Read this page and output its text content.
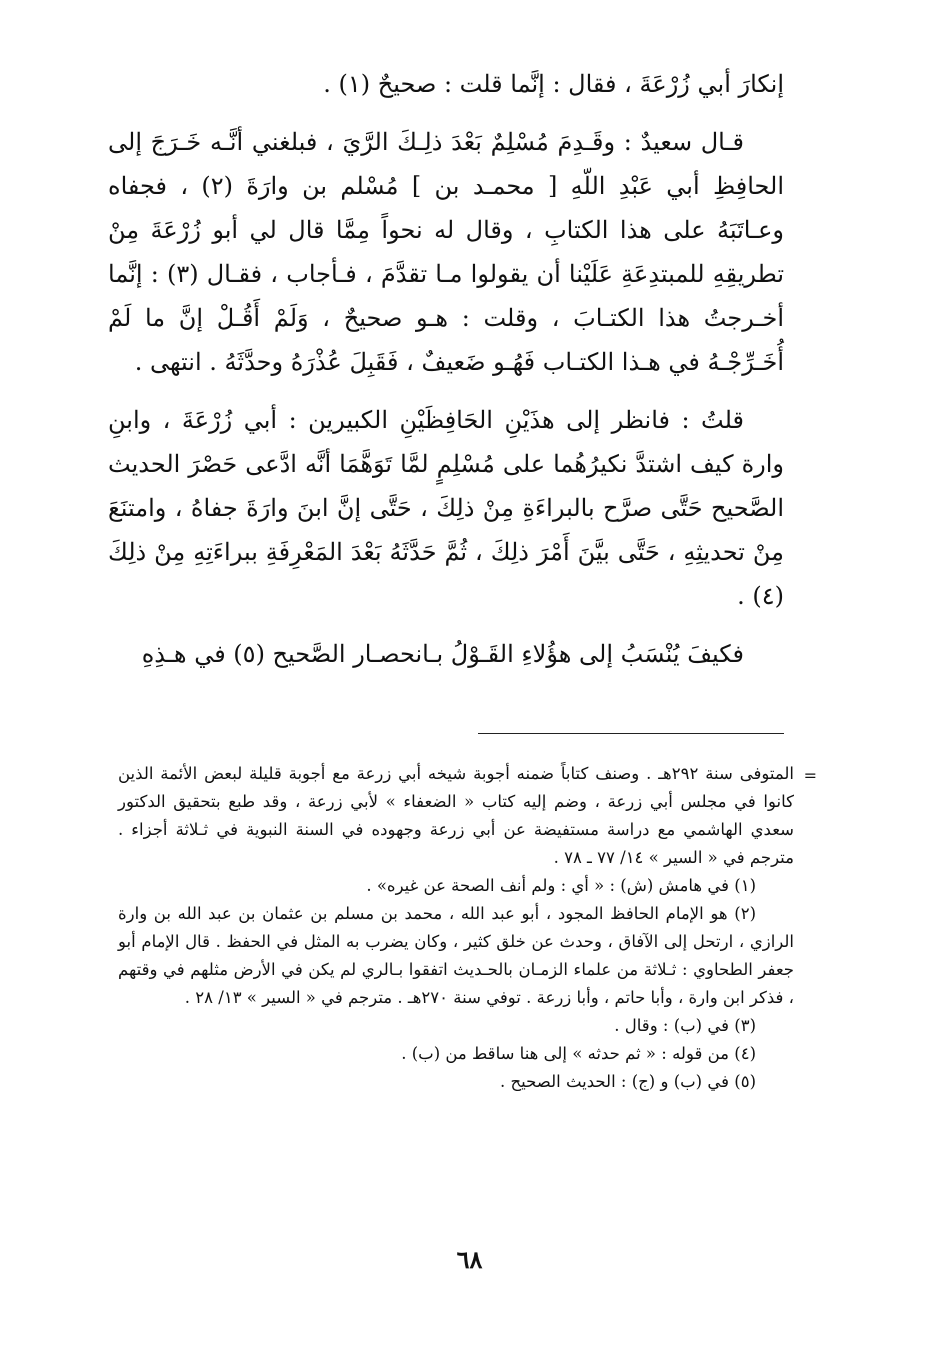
إنكارَ أبي زُرْعَةَ ، فقال : إنَّما قلت : صحيحٌ (١) .

قـال سعيدٌ : وقَـدِمَ مُسْلِمٌ بَعْدَ ذلِـكَ الرَّيَ ، فبلغني أنَّـه خَـرَجَ إلى الحافِظِ أبي عَبْدِ اللّهِ [ محمـد بن ] مُسْلم بن وارَةَ (٢) ، فجفاه وعـاتَبَهُ على هذا الكتابِ ، وقال له نحواً مِمَّا قال لي أبو زُرْعَةَ مِنْ تطريقِهِ للمبتدِعَةِ عَلَيْنا أن يقولوا مـا تقدَّمَ ، فـأجاب ، فقـال (٣) : إنَّما أخـرجتُ هذا الكتـابَ ، وقلت : هـو صحيحٌ ، وَلَمْ أَقُـلْ إنَّ ما لَمْ أُخَـرِّجْـهُ في هـذا الكتـاب فَهُـو ضَعيفٌ ، فَقَبِلَ عُذْرَهُ وحدَّثَهُ . انتهى .

قلتُ : فانظر إلى هذَيْنِ الحَافِظَيْنِ الكبيرين : أبي زُرْعَةَ ، وابنِ وارة كيف اشتدَّ نكيرُهُما على مُسْلِمٍ لمَّا تَوَهَّمَا أنَّه ادَّعى حَصْرَ الحديث الصَّحيح حَتَّى صرَّح بالبراءَةِ مِنْ ذلِكَ ، حَتَّى إنَّ ابنَ وارَةَ جفاهُ ، وامتنَعَ مِنْ تحديثِهِ ، حَتَّى بيَّنَ أَمْرَ ذلِكَ ، ثُمَّ حَدَّثَهُ بَعْدَ المَعْرِفَةِ ببراءَتِهِ مِنْ ذلِكَ (٤) .

فكيفَ يُنْسَبُ إلى هؤُلاءِ القَـوْلُ بـانحصـار الصَّحيح (٥) في هـذِهِ

=

المتوفى سنة ٢٩٢هـ . وصنف كتاباً ضمنه أجوبة شيخه أبي زرعة مع أجوبة قليلة لبعض الأئمة الذين كانوا في مجلس أبي زرعة ، وضم إليه كتاب « الضعفاء » لأبي زرعة ، وقد طبع بتحقيق الدكتور سعدي الهاشمي مع دراسة مستفيضة عن أبي زرعة وجهوده في السنة النبوية في ثـلاثة أجزاء . مترجم في « السير » ١٤/ ٧٧ ـ ٧٨ .

(١) في هامش (ش) : « أي : ولم أنف الصحة عن غيره» .

(٢) هو الإمام الحافظ المجود ، أبو عبد الله ، محمد بن مسلم بن عثمان بن عبد الله بن وارة الرازي ، ارتحل إلى الآفاق ، وحدث عن خلق كثير ، وكان يضرب به المثل في الحفظ . قال الإمام أبو جعفر الطحاوي : ثـلاثة من علماء الزمـان بالحـديث اتفقوا بـالري لم يكن في الأرض مثلهم في وقتهم ، فذكر ابن وارة ، وأبا حاتم ، وأبا زرعة . توفي سنة ٢٧٠هـ . مترجم في « السير » ١٣/ ٢٨ .

(٣) في (ب) : وقال .

(٤) من قوله : « ثم حدثه » إلى هنا ساقط من (ب) .

(٥) في (ب) و (ج) : الحديث الصحيح .

٦٨
